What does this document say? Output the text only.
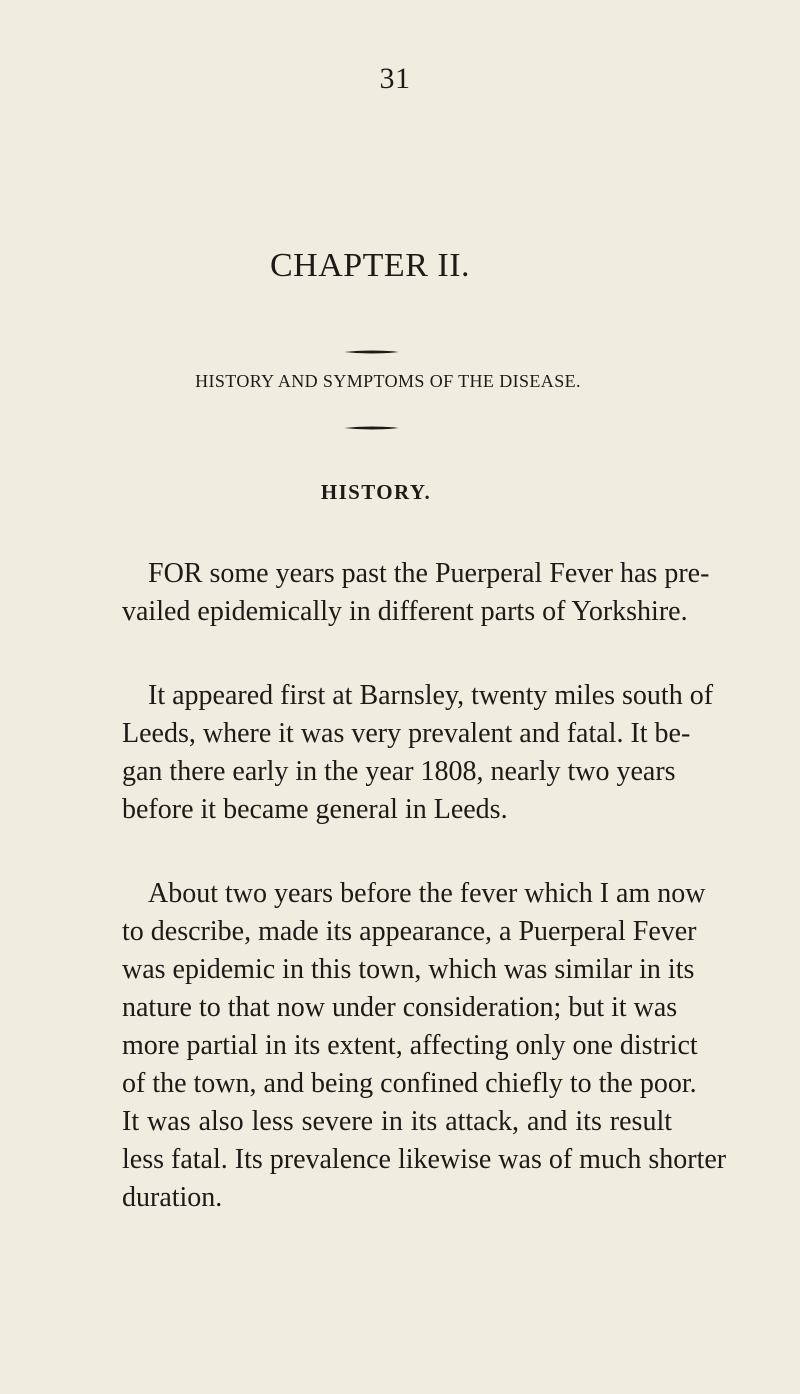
31
CHAPTER II.
HISTORY AND SYMPTOMS OF THE DISEASE.
HISTORY.
FOR some years past the Puerperal Fever has pre-
vailed epidemically in different parts of Yorkshire.
It appeared first at Barnsley, twenty miles south of
Leeds, where it was very prevalent and fatal. It be-
gan there early in the year 1808, nearly two years
before it became general in Leeds.
About two years before the fever which I am now
to describe, made its appearance, a Puerperal Fever
was epidemic in this town, which was similar in its
nature to that now under consideration; but it was
more partial in its extent, affecting only one district
of the town, and being confined chiefly to the poor.
It was also less severe in its attack, and its result
less fatal. Its prevalence likewise was of much shorter
duration.
